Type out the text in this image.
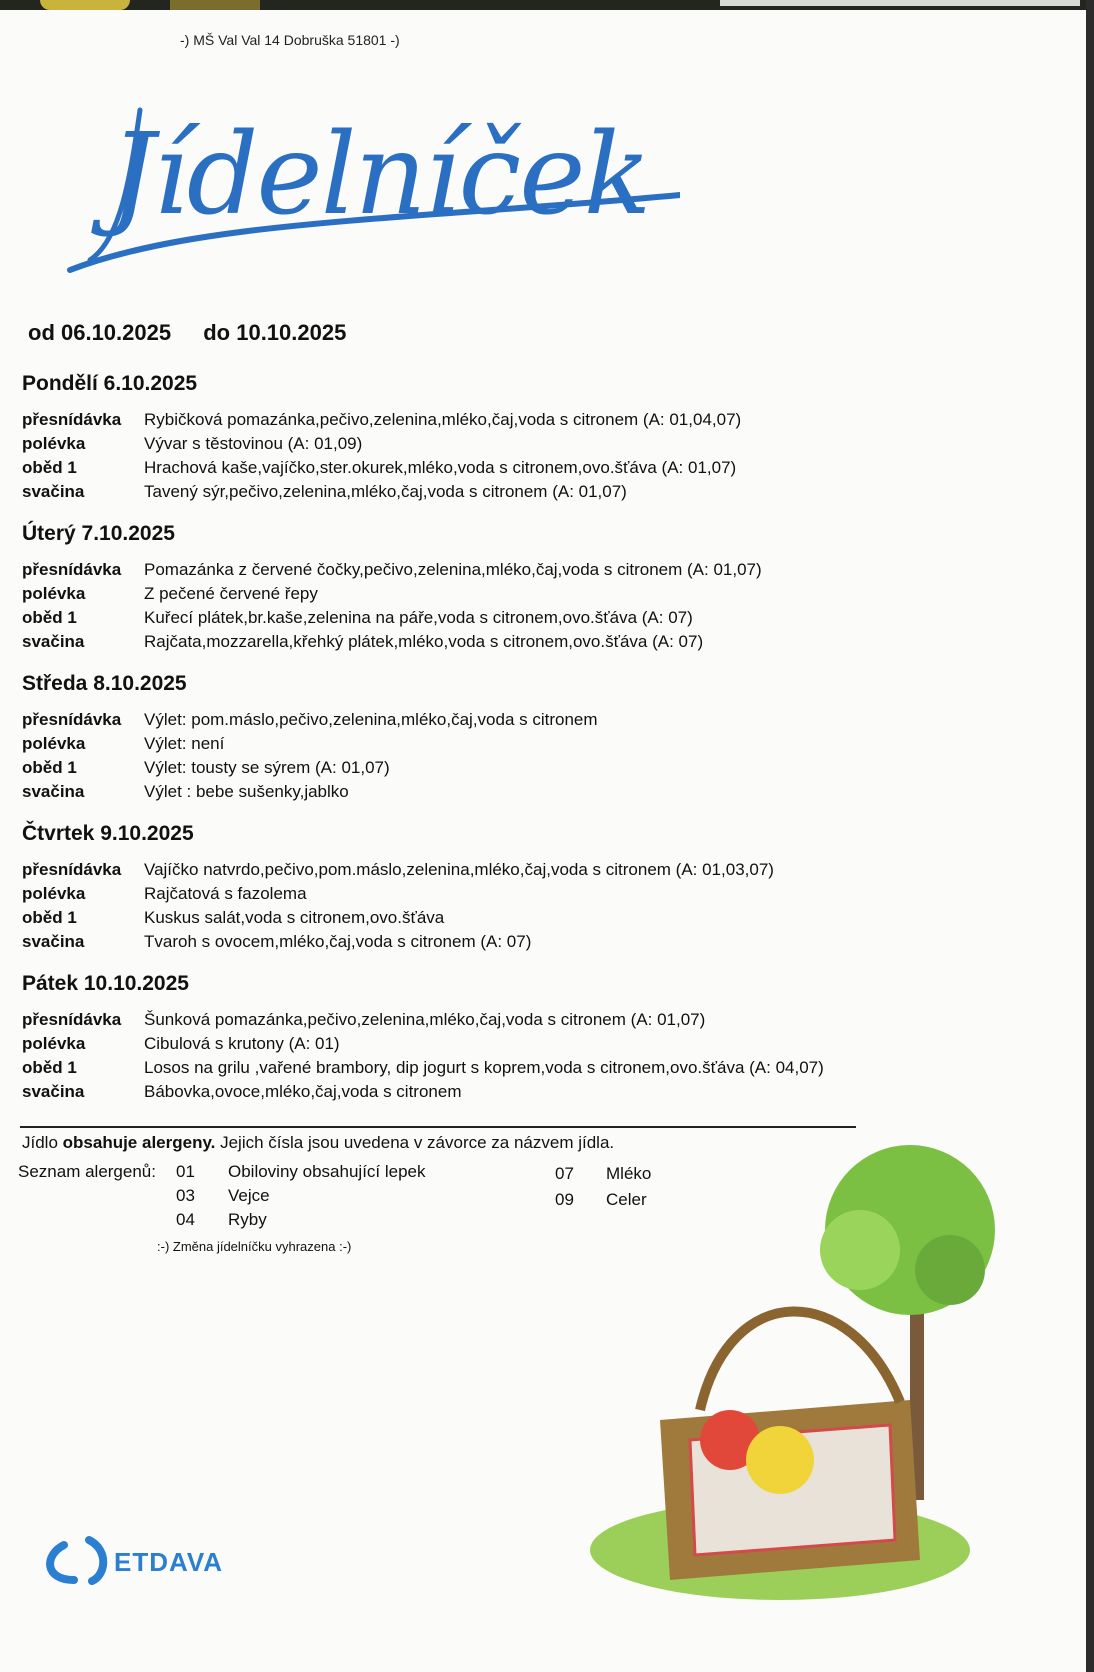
-) MŠ Val Val 14 Dobruška 51801 -)
Jídelníček
od 06.10.2025 do 10.10.2025
Pondělí 6.10.2025
přesnídávka	Rybičková pomazánka,pečivo,zelenina,mléko,čaj,voda s citronem (A: 01,04,07)
polévka	Vývar s těstovinou (A: 01,09)
oběd 1	Hrachová kaše,vajíčko,ster.okurek,mléko,voda s citronem,ovo.šťáva (A: 01,07)
svačina	Tavený sýr,pečivo,zelenina,mléko,čaj,voda s citronem (A: 01,07)
Úterý 7.10.2025
přesnídávka	Pomazánka z červené čočky,pečivo,zelenina,mléko,čaj,voda s citronem (A: 01,07)
polévka	Z pečené červené řepy
oběd 1	Kuřecí plátek,br.kaše,zelenina na páře,voda s citronem,ovo.šťáva (A: 07)
svačina	Rajčata,mozzarella,křehký plátek,mléko,voda s citronem,ovo.šťáva (A: 07)
Středa 8.10.2025
přesnídávka	Výlet: pom.máslo,pečivo,zelenina,mléko,čaj,voda s citronem
polévka	Výlet: není
oběd 1	Výlet: tousty se sýrem (A: 01,07)
svačina	Výlet : bebe sušenky,jablko
Čtvrtek 9.10.2025
přesnídávka	Vajíčko natvrdo,pečivo,pom.máslo,zelenina,mléko,čaj,voda s citronem (A: 01,03,07)
polévka	Rajčatová s fazolema
oběd 1	Kuskus salát,voda s citronem,ovo.šťáva
svačina	Tvaroh s ovocem,mléko,čaj,voda s citronem (A: 07)
Pátek 10.10.2025
přesnídávka	Šunková pomazánka,pečivo,zelenina,mléko,čaj,voda s citronem (A: 01,07)
polévka	Cibulová s krutony (A: 01)
oběd 1	Losos na grilu ,vařené brambory, dip jogurt s koprem,voda s citronem,ovo.šťáva (A: 04,07)
svačina	Bábovka,ovoce,mléko,čaj,voda s citronem
Jídlo obsahuje alergeny. Jejich čísla jsou uvedena v závorce za názvem jídla.
Seznam alergenů: 01 Obiloviny obsahující lepek
03 Vejce
04 Ryby
07 Mléko
09 Celer
:-) Změna jídelníčku vyhrazena :-)
ETDAVA
